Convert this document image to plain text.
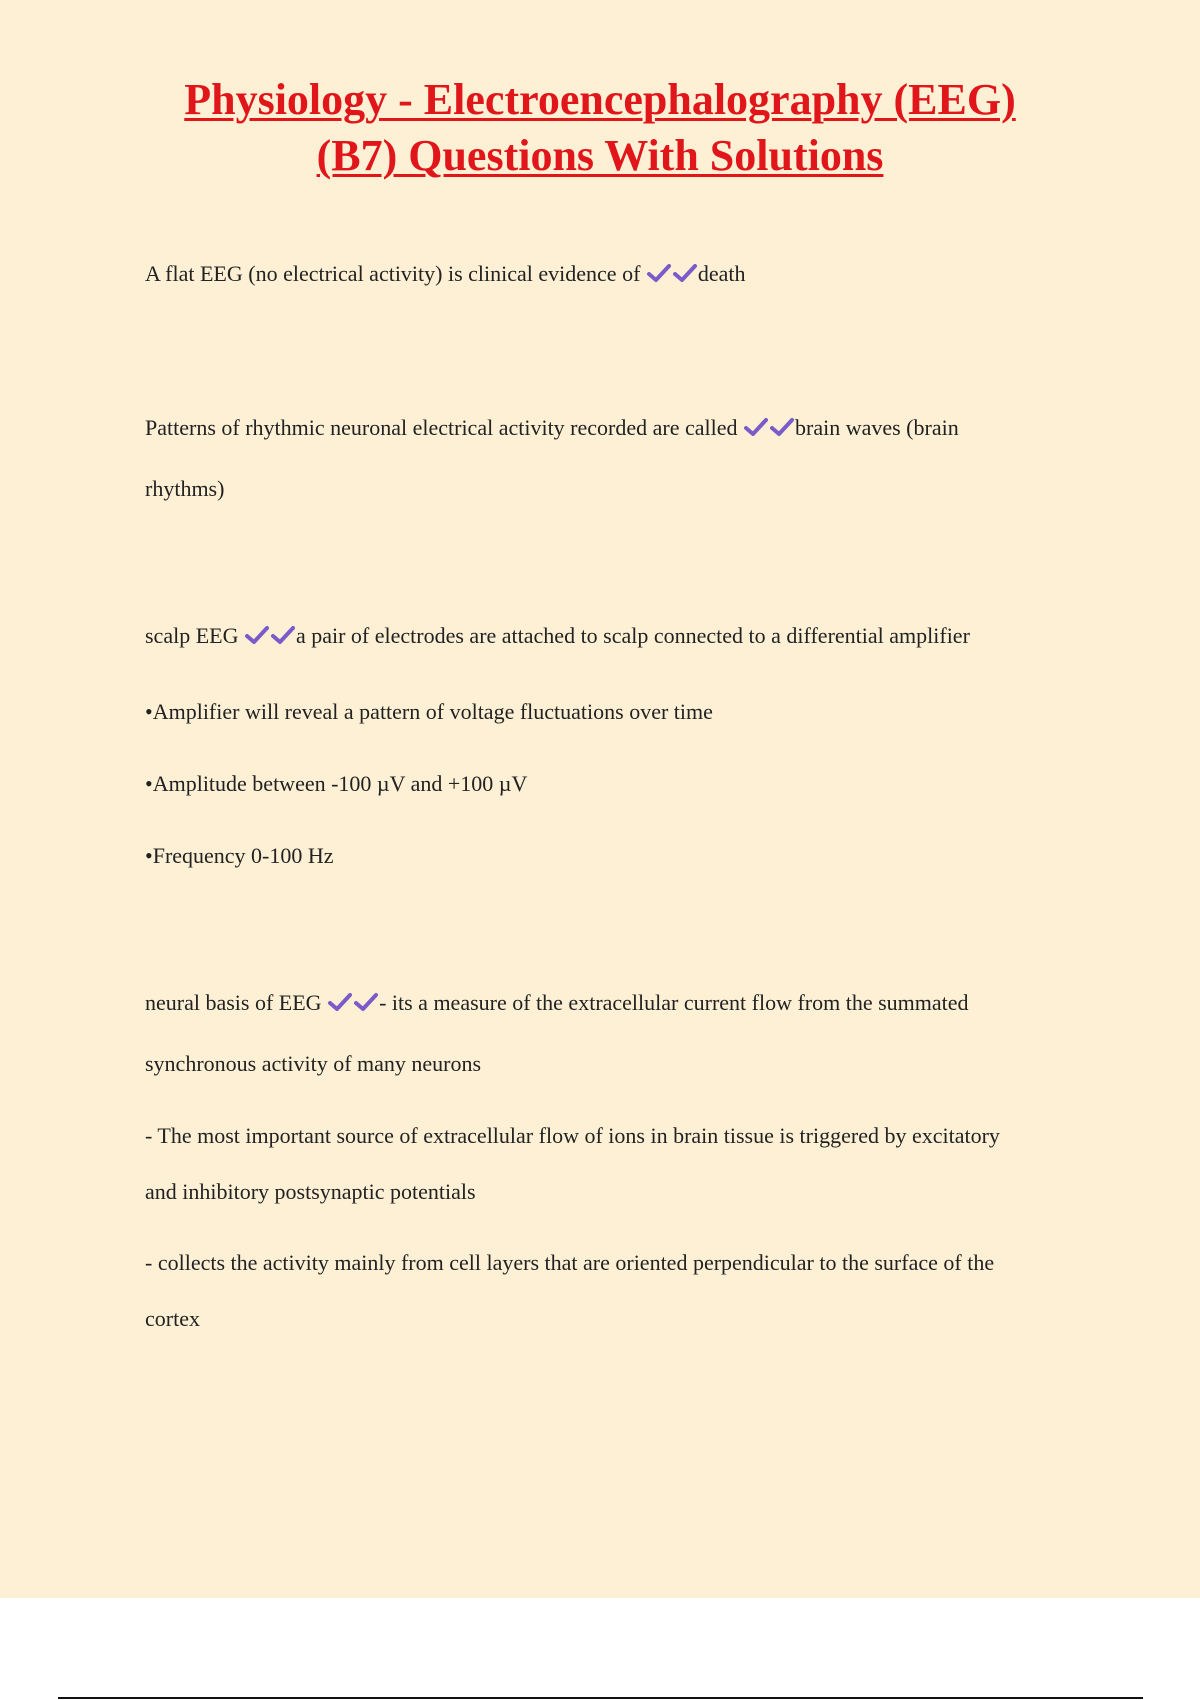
Physiology - Electroencephalography (EEG)
(B7) Questions With Solutions
A flat EEG (no electrical activity) is clinical evidence of	death
Patterns of rhythmic neuronal electrical activity recorded are called	brain waves (brain
rhythms)
scalp EEG	a pair of electrodes are attached to scalp connected to a differential amplifier
•Amplifier will reveal a pattern of voltage fluctuations over time
•Amplitude between -100 µV and +100 µV
•Frequency 0-100 Hz
neural basis of EEG	- its a measure of the extracellular current flow from the summated
synchronous activity of many neurons
- The most important source of extracellular flow of ions in brain tissue is triggered by excitatory
and inhibitory postsynaptic potentials
- collects the activity mainly from cell layers that are oriented perpendicular to the surface of the
cortex
